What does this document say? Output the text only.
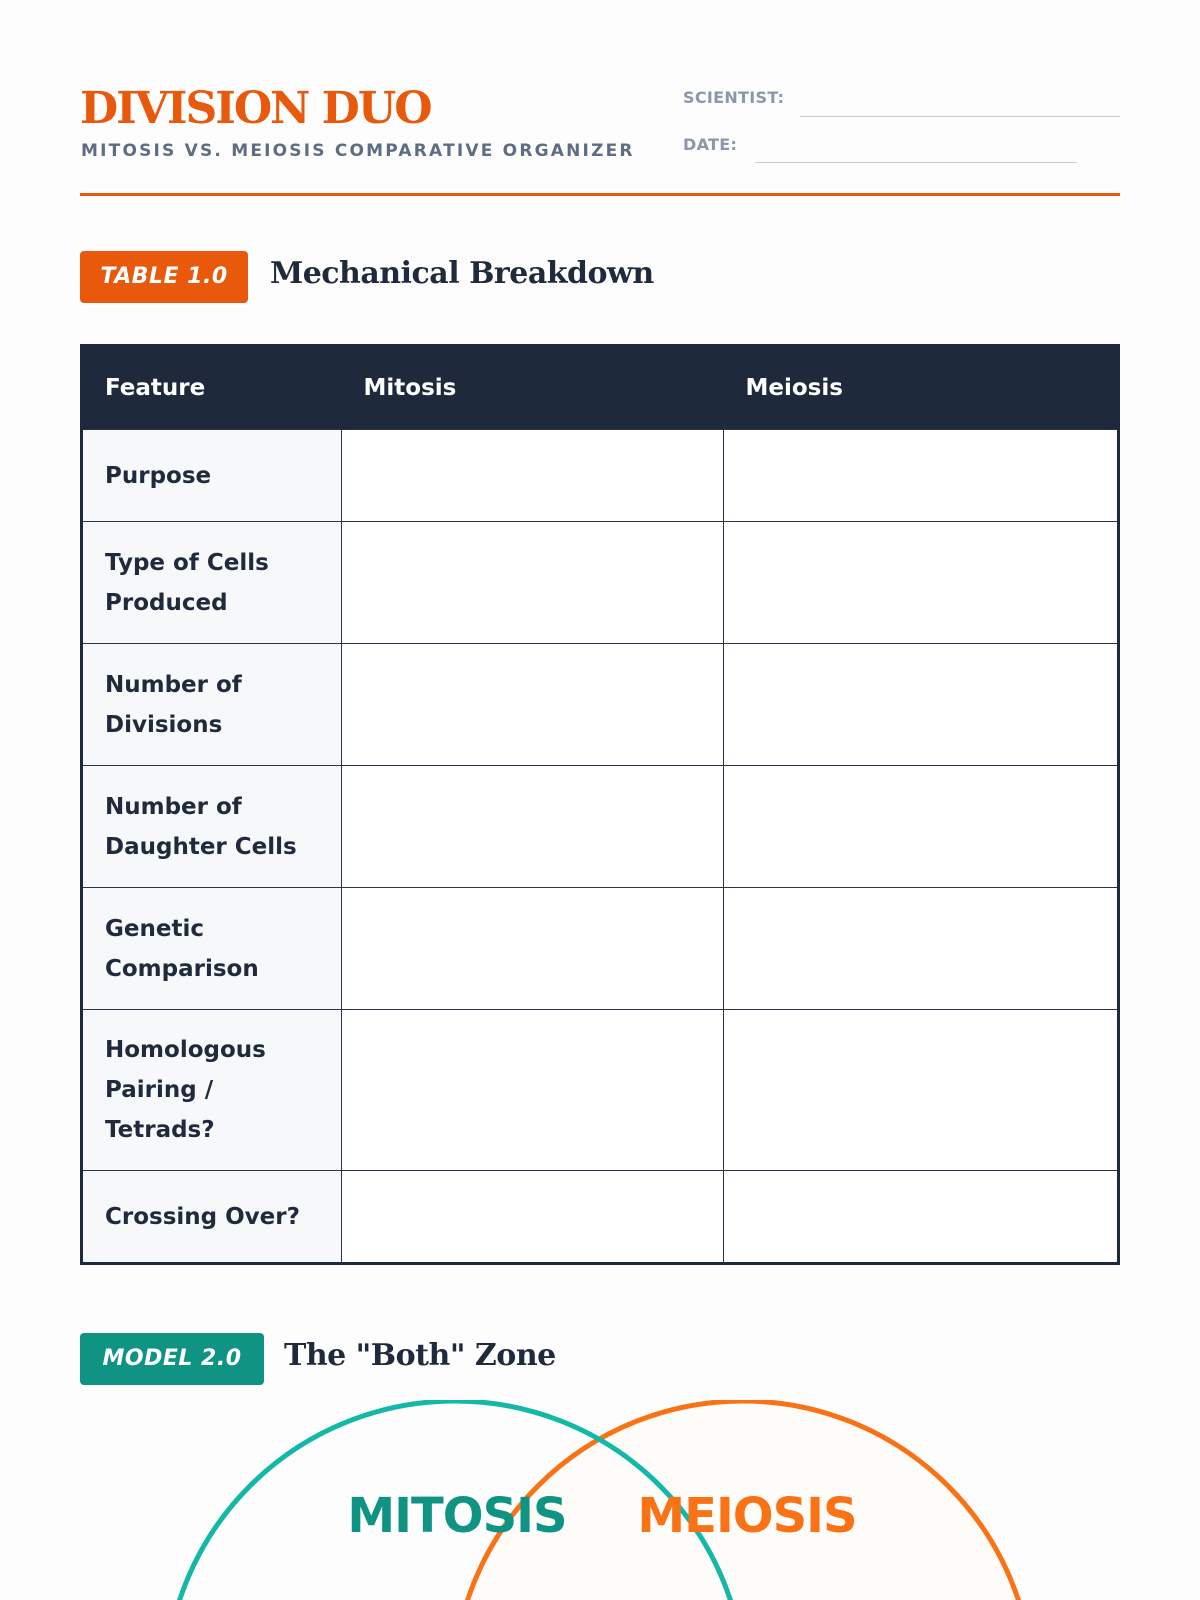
DIVISION DUO
MITOSIS VS. MEIOSIS COMPARATIVE ORGANIZER
SCIENTIST:
DATE:
TABLE 1.0	Mechanical Breakdown
Feature	Mitosis	Meiosis
Purpose		
Type of Cells Produced		
Number of Divisions		
Number of Daughter Cells		
Genetic Comparison		
Homologous Pairing / Tetrads?		
Crossing Over?		
MODEL 2.0	The "Both" Zone
MITOSIS MEIOSIS
